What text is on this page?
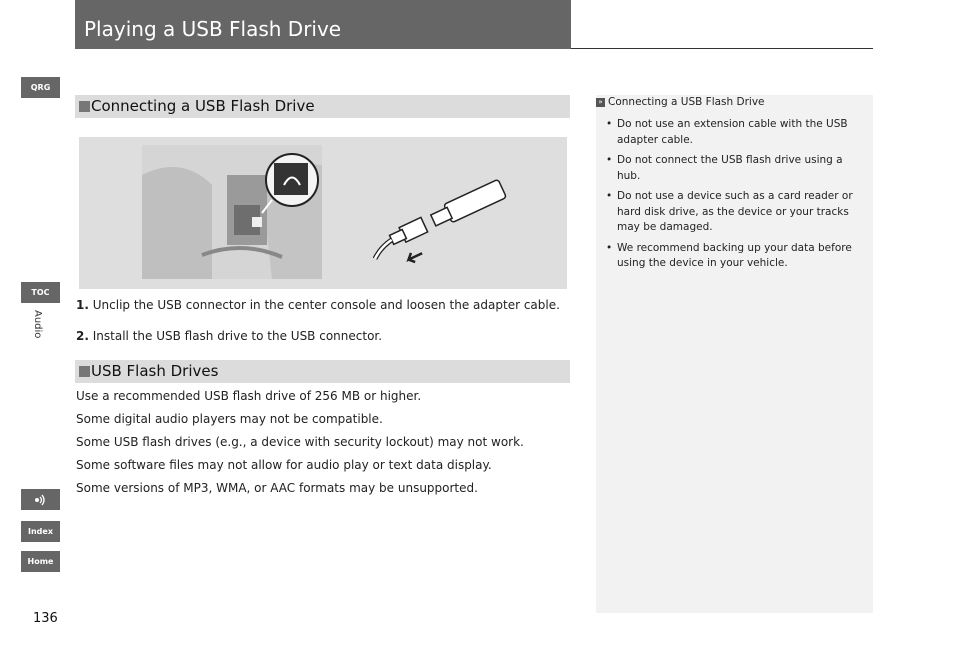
Playing a USB Flash Drive
QRG
TOC
Audio
Index
Home
Connecting a USB Flash Drive
1. Unclip the USB connector in the center console and loosen the adapter cable.
2. Install the USB flash drive to the USB connector.
USB Flash Drives
Use a recommended USB flash drive of 256 MB or higher.
Some digital audio players may not be compatible.
Some USB flash drives (e.g., a device with security lockout) may not work.
Some software files may not allow for audio play or text data display.
Some versions of MP3, WMA, or AAC formats may be unsupported.
» Connecting a USB Flash Drive
• Do not use an extension cable with the USB adapter cable.
• Do not connect the USB flash drive using a hub.
• Do not use a device such as a card reader or hard disk drive, as the device or your tracks may be damaged.
• We recommend backing up your data before using the device in your vehicle.
136
